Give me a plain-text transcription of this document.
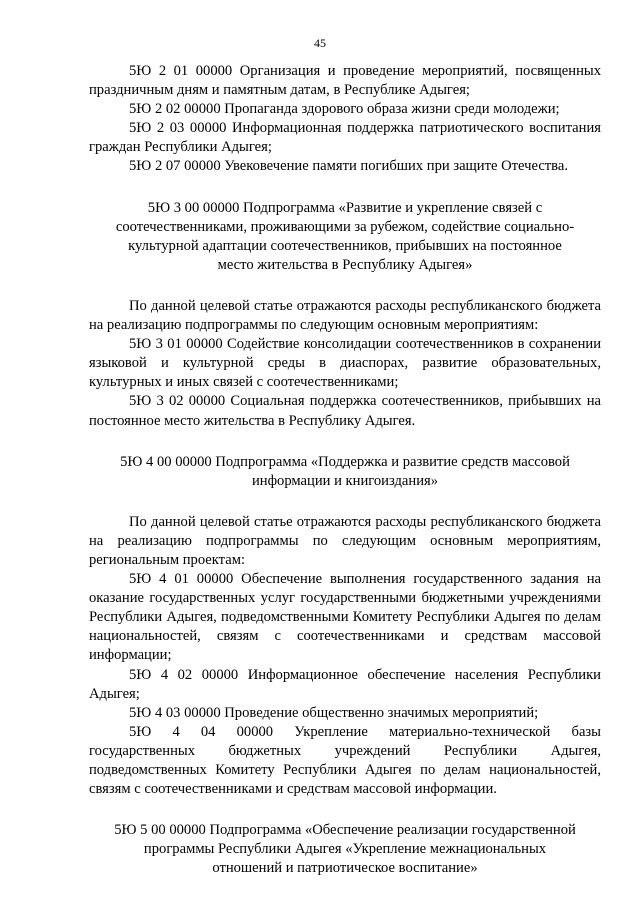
45

5Ю 2 01 00000 Организация и проведение мероприятий, посвященных праздничным дням и памятным датам, в Республике Адыгея;

5Ю 2 02 00000 Пропаганда здорового образа жизни среди молодежи;

5Ю 2 03 00000 Информационная поддержка патриотического воспитания граждан Республики Адыгея;

5Ю 2 07 00000 Увековечение памяти погибших при защите Отечества.

5Ю 3 00 00000 Подпрограмма «Развитие и укрепление связей с соотечественниками, проживающими за рубежом, содействие социально-культурной адаптации соотечественников, прибывших на постоянное место жительства в Республику Адыгея»

По данной целевой статье отражаются расходы республиканского бюджета на реализацию подпрограммы по следующим основным мероприятиям:

5Ю 3 01 00000 Содействие консолидации соотечественников в сохранении языковой и культурной среды в диаспорах, развитие образовательных, культурных и иных связей с соотечественниками;

5Ю 3 02 00000 Социальная поддержка соотечественников, прибывших на постоянное место жительства в Республику Адыгея.

5Ю 4 00 00000 Подпрограмма «Поддержка и развитие средств массовой информации и книгоиздания»

По данной целевой статье отражаются расходы республиканского бюджета на реализацию подпрограммы по следующим основным мероприятиям, региональным проектам:

5Ю 4 01 00000 Обеспечение выполнения государственного задания на оказание государственных услуг государственными бюджетными учреждениями Республики Адыгея, подведомственными Комитету Республики Адыгея по делам национальностей, связям с соотечественниками и средствам массовой информации;

5Ю 4 02 00000 Информационное обеспечение населения Республики Адыгея;

5Ю 4 03 00000 Проведение общественно значимых мероприятий;

5Ю 4 04 00000 Укрепление материально-технической базы государственных бюджетных учреждений Республики Адыгея, подведомственных Комитету Республики Адыгея по делам национальностей, связям с соотечественниками и средствам массовой информации.

5Ю 5 00 00000 Подпрограмма «Обеспечение реализации государственной программы Республики Адыгея «Укрепление межнациональных отношений и патриотическое воспитание»
